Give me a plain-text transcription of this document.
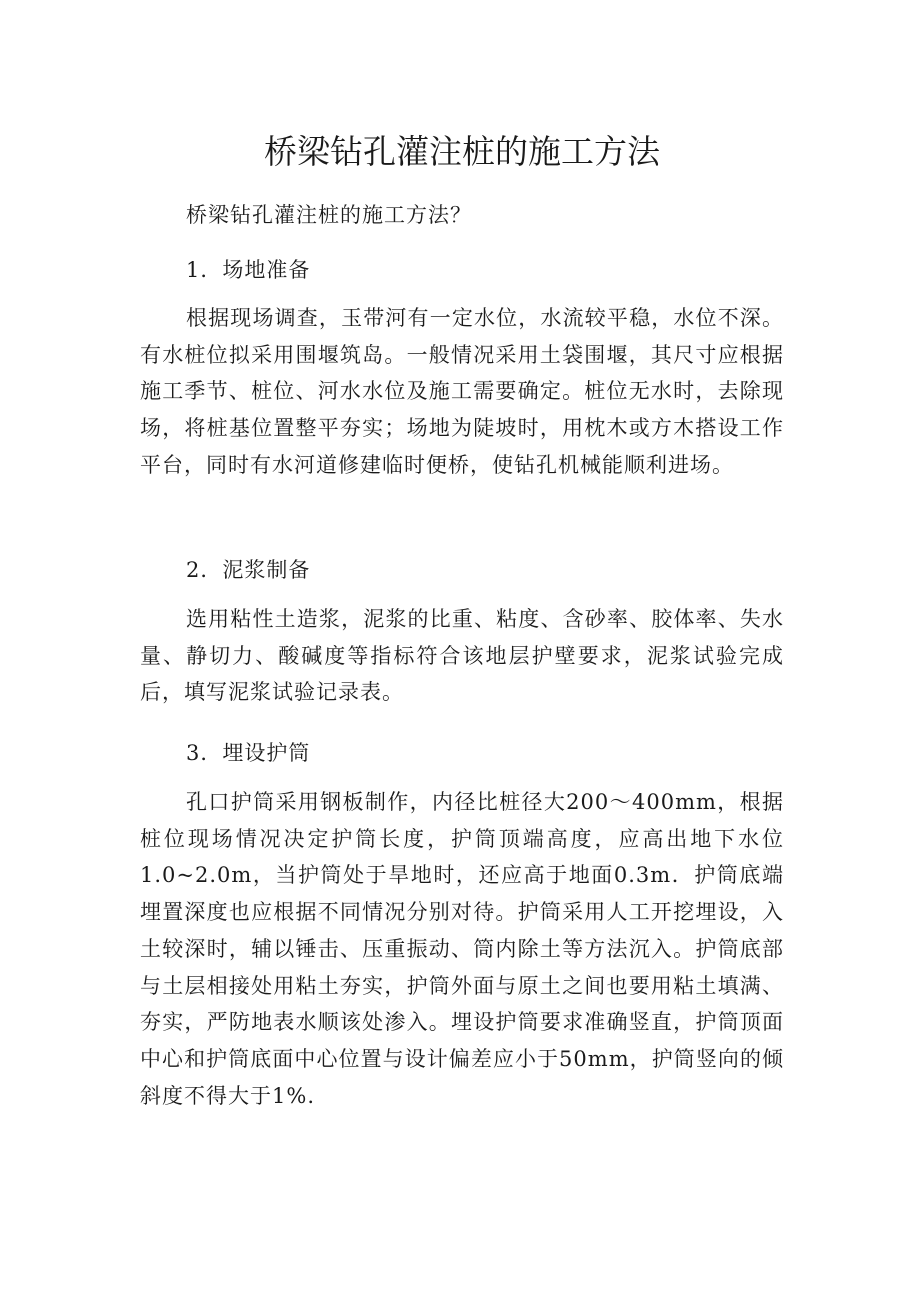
桥梁钻孔灌注桩的施工方法

桥梁钻孔灌注桩的施工方法？

1．场地准备

根据现场调查，玉带河有一定水位，水流较平稳，水位不深。有水桩位拟采用围堰筑岛。一般情况采用土袋围堰，其尺寸应根据施工季节、桩位、河水水位及施工需要确定。桩位无水时，去除现场，将桩基位置整平夯实；场地为陡坡时，用枕木或方木搭设工作平台，同时有水河道修建临时便桥，使钻孔机械能顺利进场。

2．泥浆制备

选用粘性土造浆，泥浆的比重、粘度、含砂率、胶体率、失水量、静切力、酸碱度等指标符合该地层护壁要求，泥浆试验完成后，填写泥浆试验记录表。

3．埋设护筒

孔口护筒采用钢板制作，内径比桩径大200～400mm，根据桩位现场情况决定护筒长度，护筒顶端高度，应高出地下水位1.0~2.0m，当护筒处于旱地时，还应高于地面0.3m．护筒底端埋置深度也应根据不同情况分别对待。护筒采用人工开挖埋设，入土较深时，辅以锤击、压重振动、筒内除土等方法沉入。护筒底部与土层相接处用粘土夯实，护筒外面与原土之间也要用粘土填满、夯实，严防地表水顺该处渗入。埋设护筒要求准确竖直，护筒顶面中心和护筒底面中心位置与设计偏差应小于50mm，护筒竖向的倾斜度不得大于1%.
